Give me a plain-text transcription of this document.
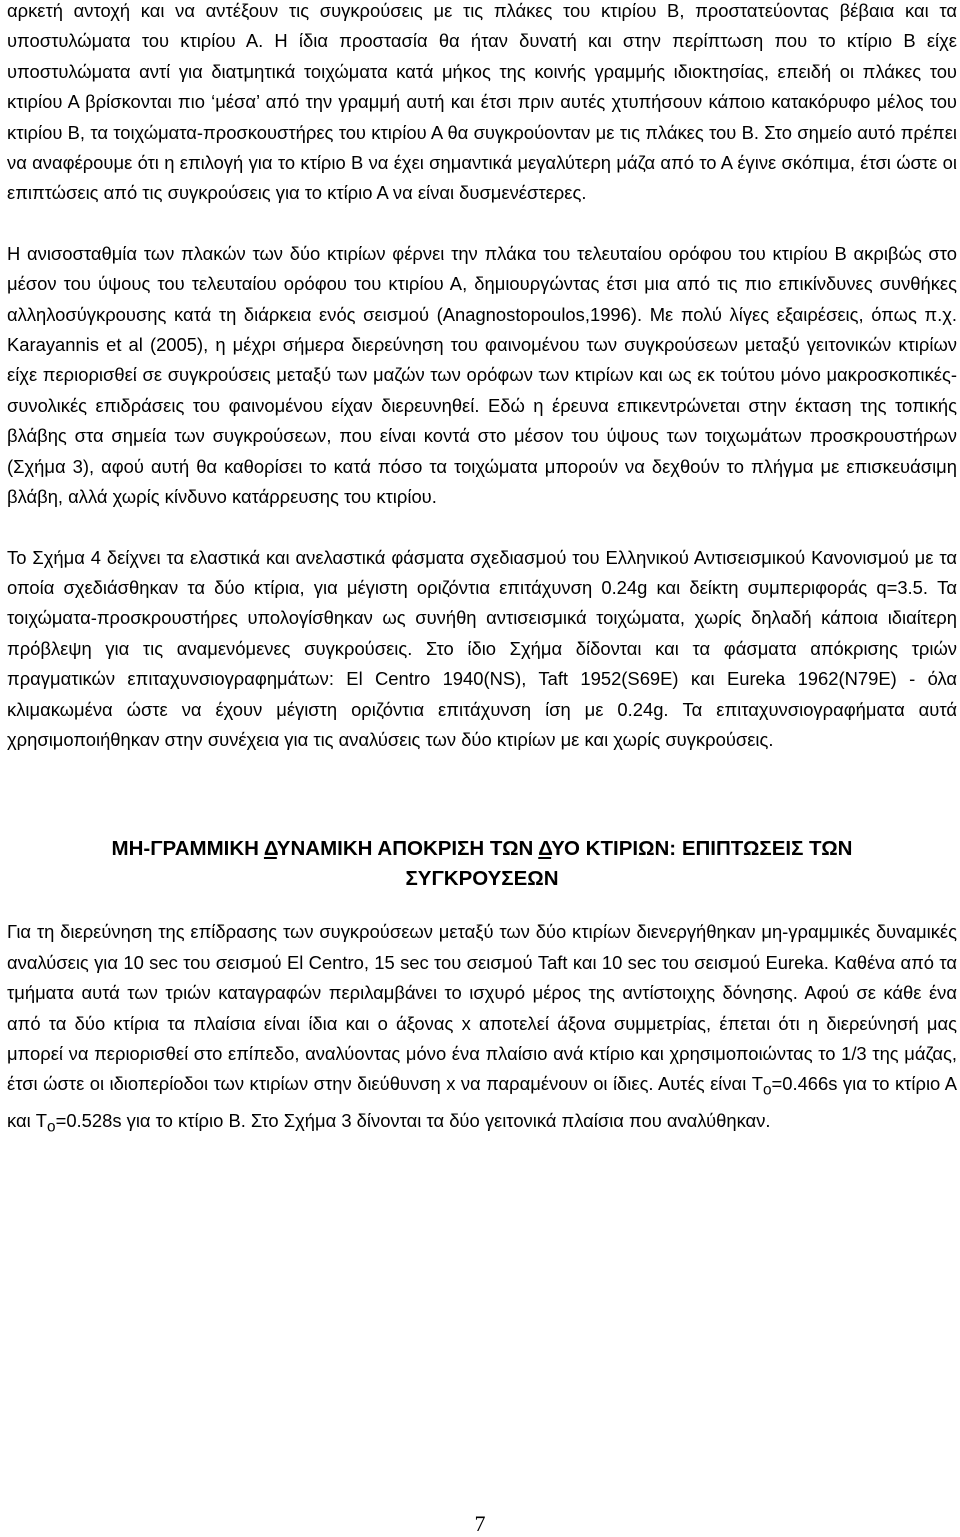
αρκετή αντοχή και να αντέξουν τις συγκρούσεις με τις πλάκες του κτιρίου Β, προστατεύοντας βέβαια και τα υποστυλώματα του κτιρίου Α. Η ίδια προστασία θα ήταν δυνατή και στην περίπτωση που το κτίριο Β είχε υποστυλώματα αντί για διατμητικά τοιχώματα κατά μήκος της κοινής γραμμής ιδιοκτησίας, επειδή οι πλάκες του κτιρίου Α βρίσκονται πιο ‘μέσα’ από την γραμμή αυτή και έτσι πριν αυτές χτυπήσουν κάποιο κατακόρυφο μέλος του κτιρίου Β, τα τοιχώματα-προσκουστήρες του κτιρίου Α θα συγκρούονταν με τις πλάκες του Β. Στο σημείο αυτό πρέπει να αναφέρουμε ότι η επιλογή για το κτίριο Β να έχει σημαντικά μεγαλύτερη μάζα από το Α έγινε σκόπιμα, έτσι ώστε οι επιπτώσεις από τις συγκρούσεις για το κτίριο Α να είναι δυσμενέστερες.

Η ανισοσταθμία των πλακών των δύο κτιρίων φέρνει την πλάκα του τελευταίου ορόφου του κτιρίου Β ακριβώς στο μέσον του ύψους του τελευταίου ορόφου του κτιρίου Α, δημιουργώντας έτσι μια από τις πιο επικίνδυνες συνθήκες αλληλοσύγκρουσης κατά τη διάρκεια ενός σεισμού (Anagnostopoulos,1996). Με πολύ λίγες εξαιρέσεις, όπως π.χ. Karayannis et al (2005), η μέχρι σήμερα διερεύνηση του φαινομένου των συγκρούσεων μεταξύ γειτονικών κτιρίων είχε περιορισθεί σε συγκρούσεις μεταξύ των μαζών των ορόφων των κτιρίων και ως εκ τούτου μόνο μακροσκοπικές-συνολικές επιδράσεις του φαινομένου είχαν διερευνηθεί. Εδώ η έρευνα επικεντρώνεται στην έκταση της τοπικής βλάβης στα σημεία των συγκρούσεων, που είναι κοντά στο μέσον του ύψους των τοιχωμάτων προσκρουστήρων (Σχήμα 3), αφού αυτή θα καθορίσει το κατά πόσο τα τοιχώματα μπορούν να δεχθούν το πλήγμα με επισκευάσιμη βλάβη, αλλά χωρίς κίνδυνο κατάρρευσης του κτιρίου.

Το Σχήμα 4 δείχνει τα ελαστικά και ανελαστικά φάσματα σχεδιασμού του Ελληνικού Αντισεισμικού Κανονισμού με τα οποία σχεδιάσθηκαν τα δύο κτίρια, για μέγιστη οριζόντια επιτάχυνση 0.24g και δείκτη συμπεριφοράς q=3.5. Τα τοιχώματα-προσκρουστήρες υπολογίσθηκαν ως συνήθη αντισεισμικά τοιχώματα, χωρίς δηλαδή κάποια ιδιαίτερη πρόβλεψη για τις αναμενόμενες συγκρούσεις. Στο ίδιο Σχήμα δίδονται και τα φάσματα απόκρισης τριών πραγματικών επιταχυνσιογραφημάτων: El Centro 1940(NS), Taft 1952(S69E) και Eureka 1962(N79E) - όλα κλιμακωμένα ώστε να έχουν μέγιστη οριζόντια επιτάχυνση ίση με 0.24g. Τα επιταχυνσιογραφήματα αυτά χρησιμοποιήθηκαν στην συνέχεια για τις αναλύσεις των δύο κτιρίων με και χωρίς συγκρούσεις.

ΜΗ-ΓΡΑΜΜΙΚΗ ΔΥΝΑΜΙΚΗ ΑΠΟΚΡΙΣΗ ΤΩΝ ΔΥΟ ΚΤΙΡΙΩΝ: ΕΠΙΠΤΩΣΕΙΣ ΤΩΝ
ΣΥΓΚΡΟΥΣΕΩΝ

Για τη διερεύνηση της επίδρασης των συγκρούσεων μεταξύ των δύο κτιρίων διενεργήθηκαν μη-γραμμικές δυναμικές αναλύσεις για 10 sec του σεισμού El Centro, 15 sec του σεισμού Taft και 10 sec του σεισμού Eureka. Καθένα από τα τμήματα αυτά των τριών καταγραφών περιλαμβάνει το ισχυρό μέρος της αντίστοιχης δόνησης. Αφού σε κάθε ένα από τα δύο κτίρια τα πλαίσια είναι ίδια και ο άξονας x αποτελεί άξονα συμμετρίας, έπεται ότι η διερεύνησή μας μπορεί να περιορισθεί στο επίπεδο, αναλύοντας μόνο ένα πλαίσιο ανά κτίριο και χρησιμοποιώντας το 1/3 της μάζας, έτσι ώστε οι ιδιοπερίοδοι των κτιρίων στην διεύθυνση x να παραμένουν οι ίδιες. Αυτές είναι $T_o=0.466s$ για το κτίριο Α και $T_o=0.528s$ για το κτίριο Β. Στο Σχήμα 3 δίνονται τα δύο γειτονικά πλαίσια που αναλύθηκαν.

7
